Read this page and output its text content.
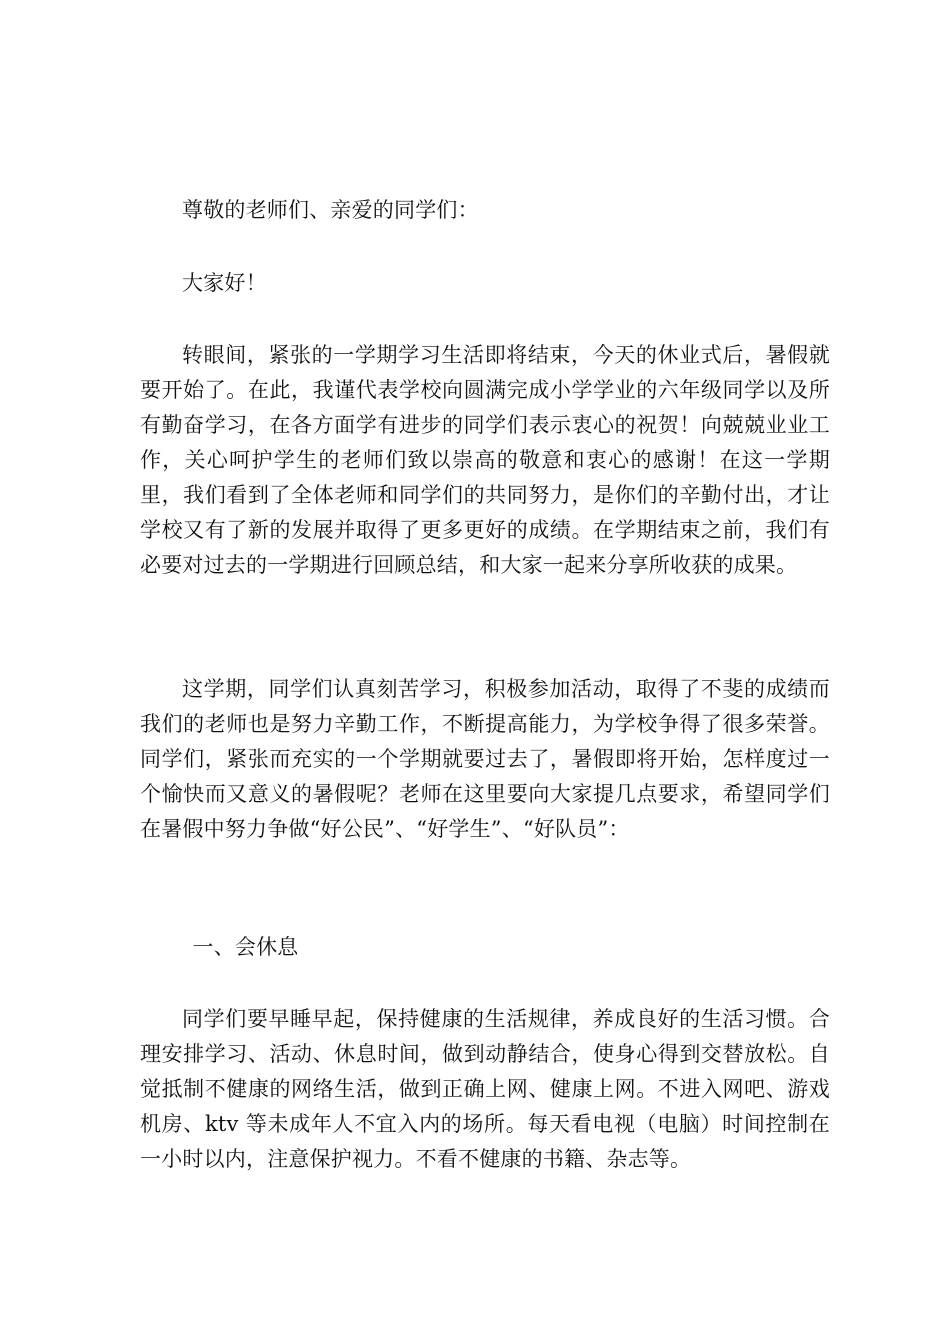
尊敬的老师们、亲爱的同学们：

大家好！

转眼间，紧张的一学期学习生活即将结束，今天的休业式后，暑假就要开始了。在此，我谨代表学校向圆满完成小学学业的六年级同学以及所有勤奋学习，在各方面学有进步的同学们表示衷心的祝贺！向兢兢业业工作，关心呵护学生的老师们致以崇高的敬意和衷心的感谢！在这一学期里，我们看到了全体老师和同学们的共同努力，是你们的辛勤付出，才让学校又有了新的发展并取得了更多更好的成绩。在学期结束之前，我们有必要对过去的一学期进行回顾总结，和大家一起来分享所收获的成果。

这学期，同学们认真刻苦学习，积极参加活动，取得了不斐的成绩而我们的老师也是努力辛勤工作，不断提高能力，为学校争得了很多荣誉。同学们，紧张而充实的一个学期就要过去了，暑假即将开始，怎样度过一个愉快而又意义的暑假呢？老师在这里要向大家提几点要求，希望同学们在暑假中努力争做“好公民”、“好学生”、“好队员”：

一、会休息

同学们要早睡早起，保持健康的生活规律，养成良好的生活习惯。合理安排学习、活动、休息时间，做到动静结合，使身心得到交替放松。自觉抵制不健康的网络生活，做到正确上网、健康上网。不进入网吧、游戏机房、ktv 等未成年人不宜入内的场所。每天看电视（电脑）时间控制在一小时以内，注意保护视力。不看不健康的书籍、杂志等。
